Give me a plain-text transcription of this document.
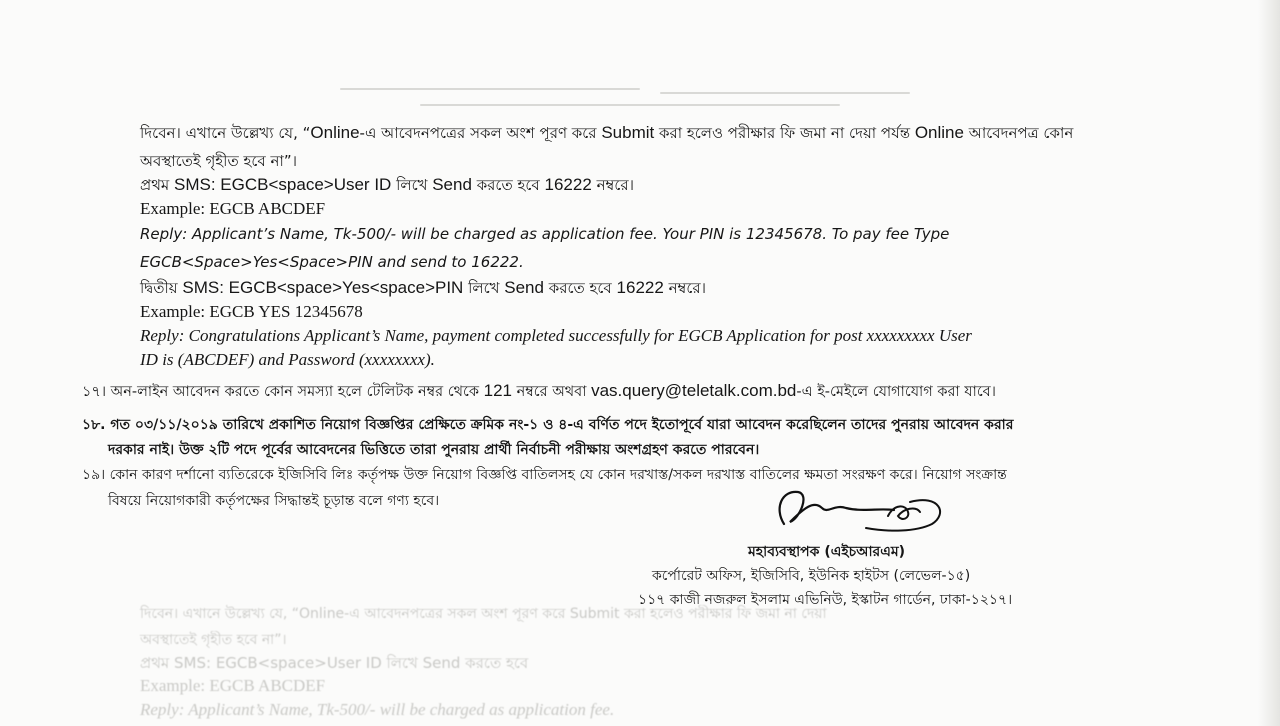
দিবেন। এখানে উল্লেখ্য যে, “Online-এ আবেদনপত্রের সকল অংশ পূরণ করে Submit করা হলেও পরীক্ষার ফি জমা না দেয়া পর্যন্ত Online আবেদনপত্র কোন
অবস্থাতেই গৃহীত হবে না”।
প্রথম SMS: EGCB<space>User ID লিখে Send করতে হবে 16222 নম্বরে।
Example: EGCB ABCDEF
Reply: Applicant’s Name, Tk-500/- will be charged as application fee. Your PIN is 12345678. To pay fee Type
EGCB<Space>Yes<Space>PIN and send to 16222.
দ্বিতীয় SMS: EGCB<space>Yes<space>PIN লিখে Send করতে হবে 16222 নম্বরে।
Example: EGCB YES 12345678
Reply: Congratulations Applicant’s Name, payment completed successfully for EGCB Application for post xxxxxxxxx User
ID is (ABCDEF) and Password (xxxxxxxx).
১৭। অন-লাইন আবেদন করতে কোন সমস্যা হলে টেলিটক নম্বর থেকে 121 নম্বরে অথবা vas.query@teletalk.com.bd-এ ই-মেইলে যোগাযোগ করা যাবে।
১৮. গত ০৩/১১/২০১৯ তারিখে প্রকাশিত নিয়োগ বিজ্ঞপ্তির প্রেক্ষিতে ক্রমিক নং-১ ও ৪-এ বর্ণিত পদে ইতোপূর্বে যারা আবেদন করেছিলেন তাদের পুনরায় আবেদন করার
দরকার নাই। উক্ত ২টি পদে পূর্বের আবেদনের ভিত্তিতে তারা পুনরায় প্রার্থী নির্বাচনী পরীক্ষায় অংশগ্রহণ করতে পারবেন।
১৯। কোন কারণ দর্শানো ব্যতিরেকে ইজিসিবি লিঃ কর্তৃপক্ষ উক্ত নিয়োগ বিজ্ঞপ্তি বাতিলসহ যে কোন দরখাস্ত/সকল দরখাস্ত বাতিলের ক্ষমতা সংরক্ষণ করে। নিয়োগ সংক্রান্ত
বিষয়ে নিয়োগকারী কর্তৃপক্ষের সিদ্ধান্তই চূড়ান্ত বলে গণ্য হবে।
মহাব্যবস্থাপক (এইচআরএম)
কর্পোরেট অফিস, ইজিসিবি, ইউনিক হাইটস (লেভেল-১৫)
১১৭ কাজী নজরুল ইসলাম এভিনিউ, ইস্কাটন গার্ডেন, ঢাকা-১২১৭।
দিবেন। এখানে উল্লেখ্য যে, “Online-এ আবেদনপত্রের সকল অংশ পূরণ করে Submit করা হলেও পরীক্ষার ফি জমা না দেয়া
অবস্থাতেই গৃহীত হবে না”।
প্রথম SMS: EGCB<space>User ID লিখে Send করতে হবে
Example: EGCB ABCDEF
Reply: Applicant’s Name, Tk-500/- will be charged as application fee.
